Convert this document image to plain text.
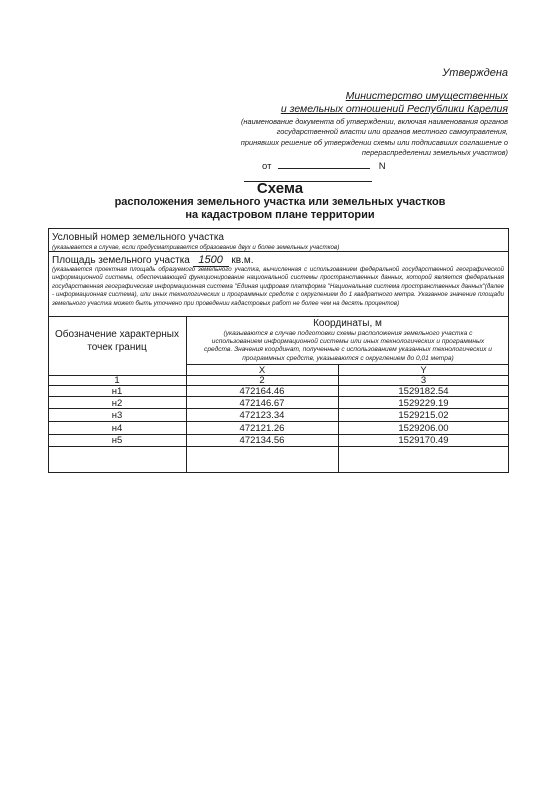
Утверждена
Министерство имущественных
и земельных отношений Республики Карелия
(наименование документа об утверждении, включая наименования органов государственной власти или органов местного самоуправления, принявших решение об утверждении схемы или подписавших соглашение о перераспределении земельных участков)
от	N
Схема
расположения земельного участка или земельных участков
на кадастровом плане территории
Условный номер земельного участка
(указывается в случае, если предусматривается образование двух и более земельных участков)
Площадь земельного участка 1500 кв.м.
(указывается проектная площадь образуемого земельного участка, вычисленная с использованием федеральной государственной географической информационной системы, обеспечивающей функционирование национальной системы пространственных данных, которой является федеральная государственная географическая информационная система "Единая цифровая платформа "Национальная система пространственных данных"(далее - информационная система), или иных технологических и программных средств с округлением до 1 квадратного метра. Указанное значение площади земельного участка может быть уточнено при проведении кадастровых работ не более чем на десять процентов)
Обозначение характерных точек границ
Координаты, м
(указываются в случае подготовки схемы расположения земельного участка с использованием информационной системы или иных технологических и программных средств. Значения координат, полученные с использованием указанных технологических и программных средств, указываются с округлением до 0,01 метра)
X	Y
1	2	3
н1	472164.46	1529182.54
н2	472146.67	1529229.19
н3	472123.34	1529215.02
н4	472121.26	1529206.00
н5	472134.56	1529170.49
